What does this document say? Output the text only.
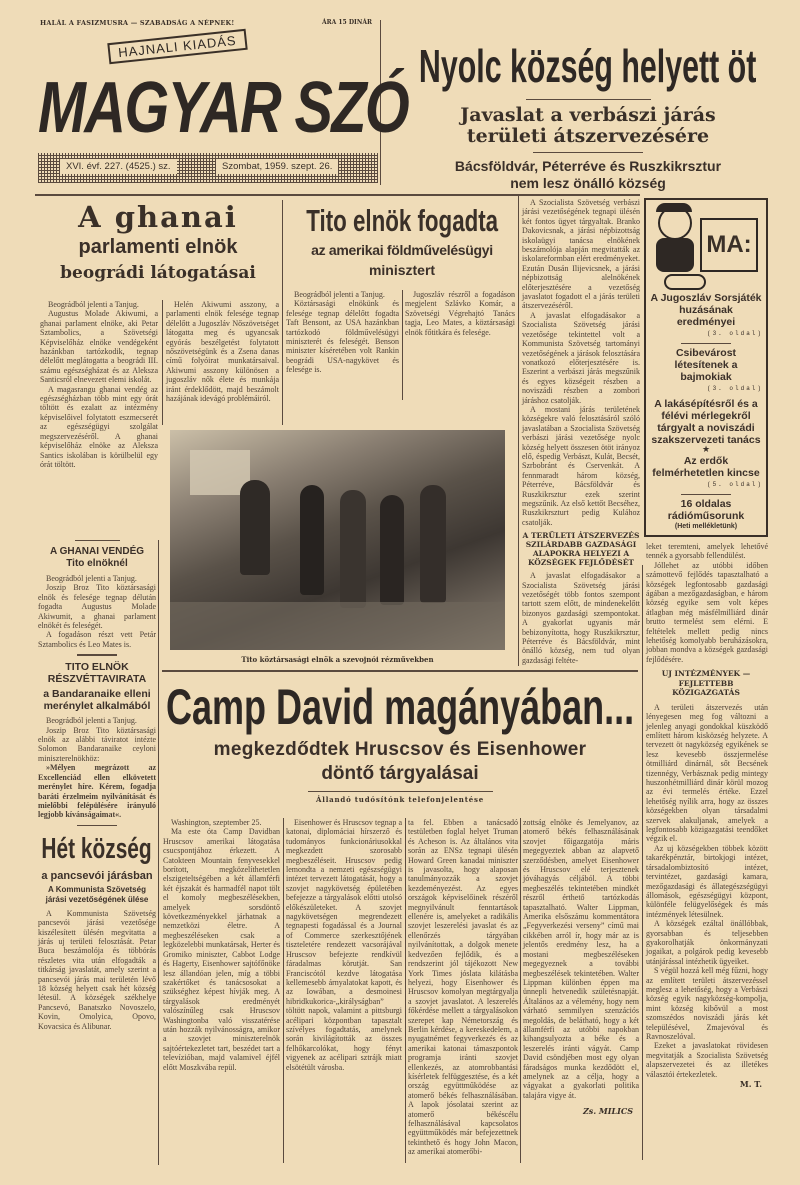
HALÁL A FASIZMUSRA — SZABADSÁG A NÉPNEK!	ÁRA 15 DINÁR
HAJNALI KIADÁS
MAGYAR SZÓ
XVI. évf. 227. (4525.) sz.	Szombat, 1959. szept. 26.
Nyolc község helyett öt
Javaslat a verbászi járás
területi átszervezésére
Bácsföldvár, Péterréve és Ruszkikrsztur
nem lesz önálló község
A ghanai
parlamenti elnök
beográdi látogatásai

Beográdból jelenti a Tanjug.

Augustus Molade Akiwumi, a ghanai parlament elnöke, aki Petar Sztambolics, a Szövetségi Képviselőház elnöke vendégeként hazánkban tartózkodik, tegnap délelőtt meglátogatta a beográdi III. számu egészségházat és az Aleksza Santicsról elnevezett elemi iskolát.

A magasrangu ghanai vendég az egészségházban több mint egy órát töltött és ezalatt az intézmény képviselőivel folytatott eszmecserét az egészségügyi szolgálat megszervezéséről. A ghanai képviselőház elnöke az Aleksza Santics iskolában is körülbelül egy órát töltött.

Helén Akiwumi asszony, a parlamenti elnök felesége tegnap délelőtt a Jugoszláv Nőszövetséget látogatta meg és ugyancsak egyórás beszélgetést folytatott nőszövetségünk és a Zsena danas című folyóirat munkatársaival. Akiwumi asszony különösen a jugoszláv nők élete és munkája iránt érdeklődött, majd beszámolt hazájának idevágó problémáiról.

Tito elnök fogadta
az amerikai földművelésügyi
minisztert

Beográdból jelenti a Tanjug.

Köztársasági elnökünk és felesége tegnap délelőtt fogadta Taft Bensont, az USA hazánkban tartózkodó földművelésügyi miniszterét és feleségét. Benson miniszter kíséretében volt Rankin beográdi USA-nagykövet és felesége is.

Jugoszláv részről a fogadáson megjelent Szlávko Komár, a Szövetségi Végrehajtó Tanács tagja, Leo Mates, a köztársasági elnök főtitkára és felesége.

Tito köztársasági elnök a szevojnói rézművekben

A Szocialista Szövetség verbászi járási vezetőségének tegnapi ülésén két fontos ügyet tárgyaltak. Branko Dakovicsnak, a járási népbizottság iskolaügyi tanácsa elnökének beszámolója alapján megvitatták az iskolareformban elért eredményeket. Ezután Dusán Ilijevicsnek, a járási népbizottság alelnökének előterjesztésére a vezetőség javaslatot fogadott el a járás területi átszervezéséről.

A javaslat elfogadásakor a Szocialista Szövetség járási vezetősége tekintettel volt a Kommunista Szövetség tartományi vezetőségének a járások felosztására vonatkozó előterjesztésére is. Eszerint a verbászi járás megszűnik és egyes községeit részben a noviszádi részben a zombori járáshoz csatolják.

A mostani járás területének községekre való felosztásáról szóló javaslatában a Szocialista Szövetség verbászi járási vezetősége nyolc község helyett összesen ötöt irányoz elő, éspedig Verbászt, Kulát, Becsét, Szrbobránt és Cservenkát. A fennmaradt három község, Péterréve, Bácsföldvár és Ruszkikrsztur ezek szerint megszűnik. Az első kettőt Becséhez, Ruszkikrszturt pedig Kulához csatolják.

A TERÜLETI ÁTSZERVEZÉS SZILÁRDABB GAZDASÁGI ALAPOKRA HELYEZI A KÖZSÉGEK FEJLŐDÉSÉT

A javaslat elfogadásakor a Szocialista Szövetség járási vezetőségét több fontos szempont tartott szem előtt, de mindenekelőtt bizonyos gazdasági szempontokat. A gyakorlat ugyanis már bebizonyította, hogy Ruszkikrsztur, Péterréve és Bácsföldvár, mint önálló község, nem tud olyan gazdasági feltéte-

MA:
A Jugoszláv Sorsjáték huzásának eredményei
(3. oldal)
Csibevárost létesítenek a bajmokiak
(3. oldal)
A lakásépítésről és a félévi mérlegekről tárgyalt a noviszádi szakszervezeti tanács
★
Az erdők felmérhetetlen kincse
(5. oldal)
16 oldalas rádióműsorunk
(Heti mellékletünk)

leket teremteni, amelyek lehetővé tennék a gyorsabb fellendülést.

Jóllehet az utóbbi időben számottevő fejlődés tapasztalható a községek legfontosabb gazdasági ágában a mezőgazdaságban, e három község egyike sem volt képes átlagban még másfélmilliárd dinár brutto termelést sem elérni. E feltételek mellett pedig nincs lehetőség komolyabb beruházásokra, jobban mondva a községek gazdasági fejlődésére.

UJ INTÉZMÉNYEK — FEJLETTEBB KÖZIGAZGATÁS

A területi átszervezés után lényegesen meg fog változni a jelenleg anyagi gondokkal küszködő említett három kisközség helyzete. A tervezett öt nagyközség egyikének se lesz kevesebb összjermelése ötmilliárd dinárnál, sőt Becsének tizennégy, Verbásznak pedig mintegy huszonhétmilliárd dinár körül mozog az évi termelés értéke. Ezzel lehetőség nyílik arra, hogy az összes községekben olyan társadalmi szervek alakuljanak, amelyek a legfontosabb közigazgatási teendőket végzik el.

Az uj községekben többek között takarékpénztár, birtokjogi intézet, társadalombiztosító intézet, tervintézet, gazdasági kamara, mezőgazdasági és állategészségügyi állomások, egészségügyi központ, különféle felügyelőségek és más intézmények létesülnek.

A községek ezáltal önállóbbak, gyorsabban és teljesebben gyakorolhatják önkormányzati jogaikat, a polgárok pedig kevesebb utánjárással intézhetik ügyeiket.

S végül hozzá kell még fűzni, hogy az említett területi átszervezéssel meglesz a lehetőség, hogy a Verbászi község egyik nagyközség-kompolja, mint község kibővül a most szomszédos noviszádi járás két településével, Zmajevóval és Ravnoszelóval.

Ezeket a javaslatokat rövidesen megvitatják a Szocialista Szövetség alapszervezetei és az illetékes választói értekezletek.

M. T.
A GHANAI VENDÉG
Tito elnöknél

Beográdból jelenti a Tanjug.

Joszip Broz Tito köztársasági elnök és felesége tegnap délután fogadta Augustus Molade Akiwumit, a ghanai parlament elnökét és feleségét.

A fogadáson részt vett Petár Sztambolics és Leo Mates is.

TITO ELNÖK RÉSZVÉTTAVIRATA
a Bandaranaike elleni merénylet alkalmából

Beográdból jelenti a Tanjug.

Joszip Broz Tito köztársasági elnök az alábbi táviratot intézte Solomon Bandaranaike ceyloni miniszterelnökhöz:

»Mélyen megrázott az Excellenciád ellen elkövetett merénylet híre. Kérem, fogadja baráti érzelmeim nyilvánítását és mielőbbi felépülésére irányuló legjobb kívánságaimat«.

Hét község
a pancsevói járásban
A Kommunista Szövetség járási vezetőségének ülése

A Kommunista Szövetség pancsevói járási vezetősége kiszélesített ülésén megvitatta a járás uj területi felosztását. Petar Buca beszámolója és többórás részletes vita után elfogadták a titkárság javaslatát, amely szerint a pancsevói járás mai területén lévő 18 község helyett csak hét község létesül. A községek székhelye Pancsevó, Banatszko Novoszelo, Kovin, Omolyica, Opovo, Kovacsica és Alibunar.

Camp David magányában...
megkezdődtek Hruscsov és Eisenhower
döntő tárgyalásai
Állandó tudósítónk telefonjelentése

Washington, szeptember 25.

Ma este óta Camp Davidban Hruscsov amerikai látogatása csucspontjához érkezett. A Catokteen Mountain fenyvesekkel borított, megközelíthetetlen elszigeteltségében a két államférfi két éjszakát és harmadfél napot tölt el komoly megbeszélésekben, amelyek sorsdöntő következményekkel járhatnak a nemzetközi életre. A megbeszéléseken csak a legközelebbi munkatársak, Herter és Gromiko miniszter, Cabbot Lodge és Hagerty, Eisenhower sajtófőnöke lesz állandóan jelen, míg a többi szakértőket és tanácsosokat a szükséghez képest hívják meg. A tárgyalások eredményét valószínűleg csak Hruscsov Washingtonba való visszatérése után hozzák nyilvánosságra, amikor a szovjet miniszterelnök sajtóértekezletet tart, beszédet tart a televízióban, majd valamivel éjfél előtt Moszkvába repül.

Eisenhower és Hruscsov tegnap a katonai, diplomáciai hírszerző és tudományos funkcionáriusokkal megkezdett szorosabb megbeszéléseit. Hruscsov pedig lemondta a nemzeti egészségügyi intézet tervezett látogatását, hogy a szovjet nagykövetség épületében befejezze a tárgyalások előtti utolsó előkészületeket. A szovjet nagykövetségen megrendezett tegnapesti fogadással és a Journal of Commerce szerkesztőjének tiszteletére rendezett vacsorájával Hruscsov befejezte rendkívül fáradalmas körutját. San Franciscótól kezdve látogatása kellemesebb árnyalatokat kapott, és az Iowában, a desmoinesi hibridkukorica-„királyságban” töltött napok, valamint a pittsburgi acélipari központban tapasztalt szívélyes fogadtatás, amelynek során kivilágították az összes felhőkarcolókat, hogy fényt vigyenek az acélipari sztrájk miatt elsötétült városba.

ta fel. Ebben a tanácsadó testületben foglal helyet Truman és Acheson is. Az általános vita során az ENSz tegnapi ülésén Howard Green kanadai miniszter is javasolta, hogy alaposan tanulmányozzák a szovjet kezdeményezést. Az egyes országok képviselőinek részéről megnyilvánult fenntartások ellenére is, amelyeket a radikális szovjet leszerelési javaslat és az ellenőrzés tárgyában nyilvánítottak, a dolgok menete kedvezően fejlődik, és a rendszerint jól tájékozott New York Times jóslata kilátásba helyezi, hogy Eisenhower és Hruscsov komolyan megtárgyalja a szovjet javaslatot. A leszerelés főkérdése mellett a tárgyalásokon szerepet kap Németország és Berlin kérdése, a kereskedelem, a nyugatnémet fegyverkezés és az amerikai katonai támaszpontok programja iránti szovjet ellenkezés, az atomrobbantási kísérletek felfüggesztése, és a két ország együttműködése az atomerő békés felhasználásában. A lapok jósolatai szerint az atomerő békéscélu felhasználásával kapcsolatos együttműködés már befejezettnek tekinthető és hogy John Macon, az amerikai atomerőbi-

zottság elnöke és Jemelyanov, az atomerő békés felhasználásának szovjet főigazgatója máris megegyeztek abban az alapvető szerződésben, amelyet Eisenhower és Hruscsov elé terjesztenek jóváhagyás céljából. A többi megbeszélés tekintetében mindkét részről érthető tartózkodás tapasztalható. Walter Lippman, Amerika elsőszámu kommentátora „Fegyverkezési verseny” című mai cikkében arról ír, hogy már az is jelentős eredmény lesz, ha a mostani megbeszéléseken megegyeznek a további megbeszélések tekintetében. Walter Lippman különben éppen ma ünnepli hetvenedik születésnapját. Általános az a vélemény, hogy nem várható semmilyen szenzációs megoldás, de belátható, hogy a két államférfi az utóbbi napokban kihangsulyozta a béke és a leszerelés iránti vágyát. Camp David csöndjében most egy olyan fáradságos munka kezdődött el, amelynek az a célja, hogy a vágyakat a gyakorlati politika talajára vigye át.

Zs. MILICS
